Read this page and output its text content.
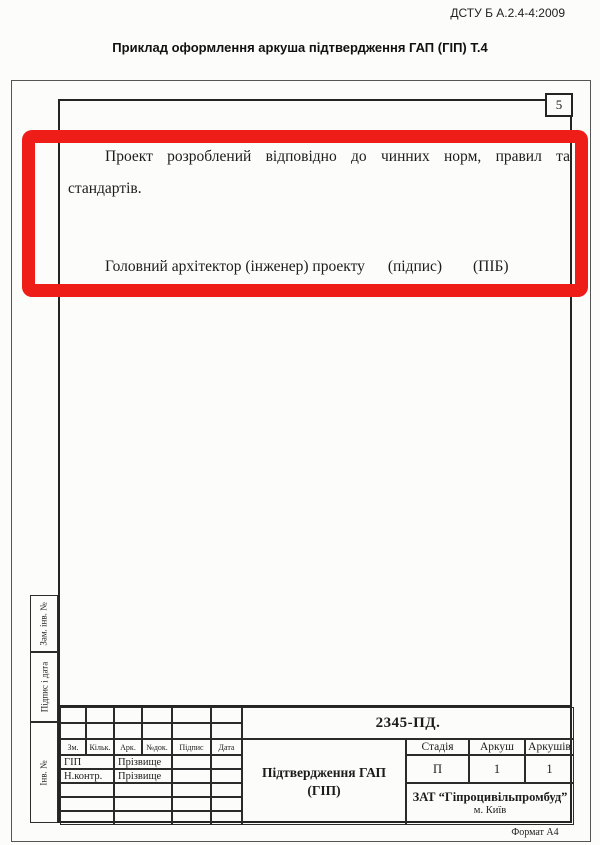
ДСТУ Б А.2.4-4:2009
Приклад оформлення аркуша підтвердження ГАП (ГІП) Т.4
5
Проект розроблений відповідно до чинних норм, правил та стандартів.
Головний архітектор (інженер) проекту (підпис) (ПІБ)
Зам. інв. №
Підпис і дата
Інв. №
Зм.	Кільк.	Арк.	№док.	Підпис	Дата
ГІП	Прізвище
Н.контр.	Прізвище
2345-ПД.
Підтвердження ГАП
(ГІП)
Стадія	Аркуш	Аркушів
П	1	1
ЗАТ “Гіпроцивільпромбуд”
м. Київ
Формат А4
